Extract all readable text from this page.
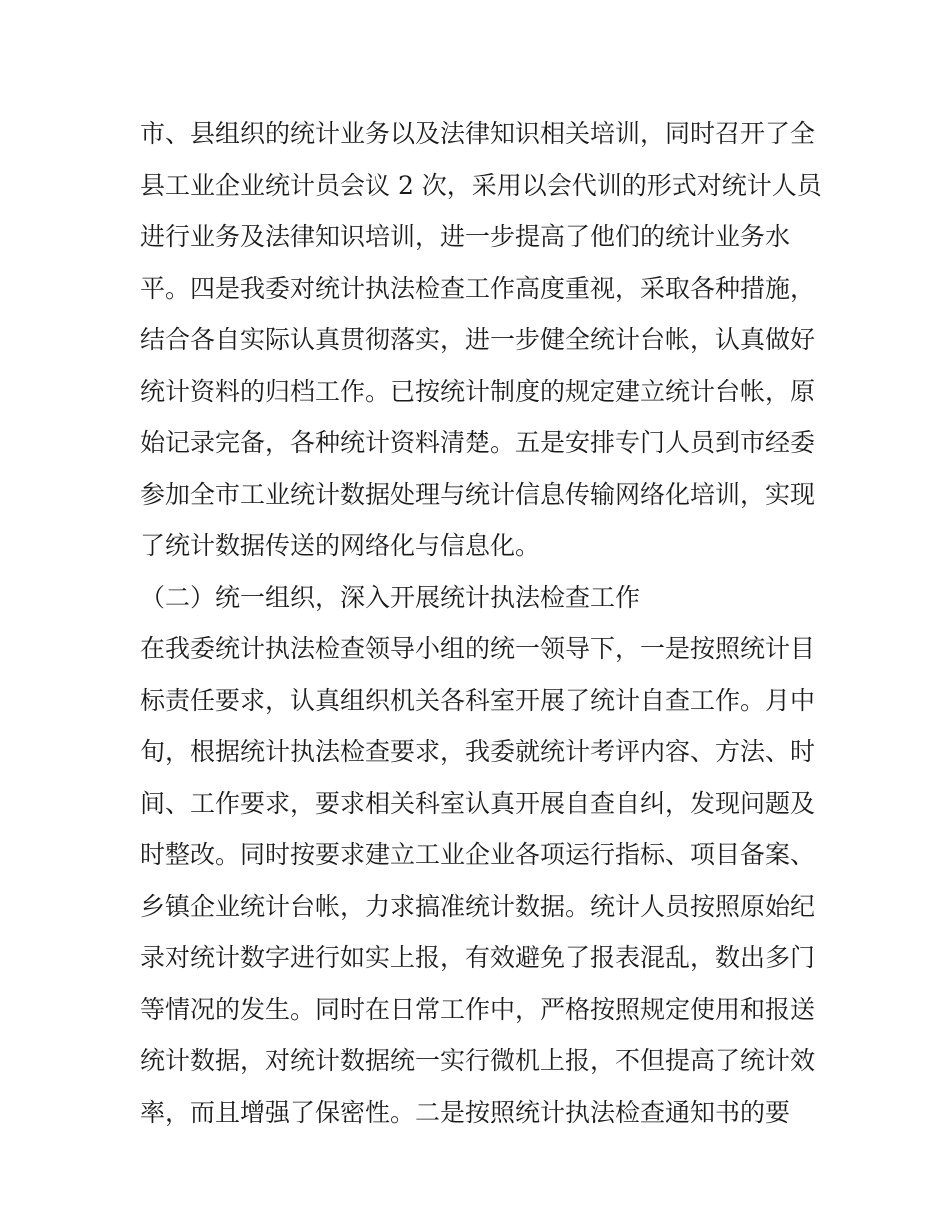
市、县组织的统计业务以及法律知识相关培训，同时召开了全
县工业企业统计员会议 2 次，采用以会代训的形式对统计人员
进行业务及法律知识培训，进一步提高了他们的统计业务水
平。四是我委对统计执法检查工作高度重视，采取各种措施，
结合各自实际认真贯彻落实，进一步健全统计台帐，认真做好
统计资料的归档工作。已按统计制度的规定建立统计台帐，原
始记录完备，各种统计资料清楚。五是安排专门人员到市经委
参加全市工业统计数据处理与统计信息传输网络化培训，实现
了统计数据传送的网络化与信息化。
（二）统一组织，深入开展统计执法检查工作
在我委统计执法检查领导小组的统一领导下，一是按照统计目
标责任要求，认真组织机关各科室开展了统计自查工作。月中
旬，根据统计执法检查要求，我委就统计考评内容、方法、时
间、工作要求，要求相关科室认真开展自查自纠，发现问题及
时整改。同时按要求建立工业企业各项运行指标、项目备案、
乡镇企业统计台帐，力求搞准统计数据。统计人员按照原始纪
录对统计数字进行如实上报，有效避免了报表混乱，数出多门
等情况的发生。同时在日常工作中，严格按照规定使用和报送
统计数据，对统计数据统一实行微机上报，不但提高了统计效
率，而且增强了保密性。二是按照统计执法检查通知书的要
